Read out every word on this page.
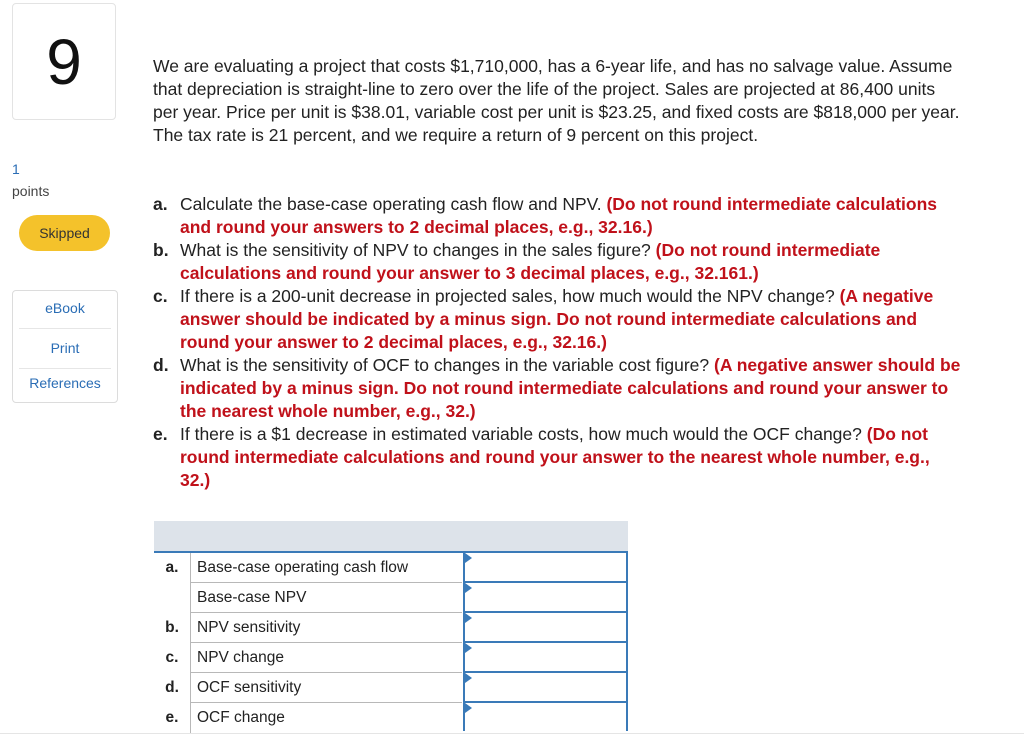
9
1
points
Skipped
eBook
Print
References

We are evaluating a project that costs $1,710,000, has a 6-year life, and has no salvage value. Assume that depreciation is straight-line to zero over the life of the project. Sales are projected at 86,400 units per year. Price per unit is $38.01, variable cost per unit is $23.25, and fixed costs are $818,000 per year. The tax rate is 21 percent, and we require a return of 9 percent on this project.

a. Calculate the base-case operating cash flow and NPV. (Do not round intermediate calculations and round your answers to 2 decimal places, e.g., 32.16.)
b. What is the sensitivity of NPV to changes in the sales figure? (Do not round intermediate calculations and round your answer to 3 decimal places, e.g., 32.161.)
c. If there is a 200-unit decrease in projected sales, how much would the NPV change? (A negative answer should be indicated by a minus sign. Do not round intermediate calculations and round your answer to 2 decimal places, e.g., 32.16.)
d. What is the sensitivity of OCF to changes in the variable cost figure? (A negative answer should be indicated by a minus sign. Do not round intermediate calculations and round your answer to the nearest whole number, e.g., 32.)
e. If there is a $1 decrease in estimated variable costs, how much would the OCF change? (Do not round intermediate calculations and round your answer to the nearest whole number, e.g., 32.)
a.	Base-case operating cash flow
Base-case NPV
b.	NPV sensitivity
c.	NPV change
d.	OCF sensitivity
e.	OCF change
